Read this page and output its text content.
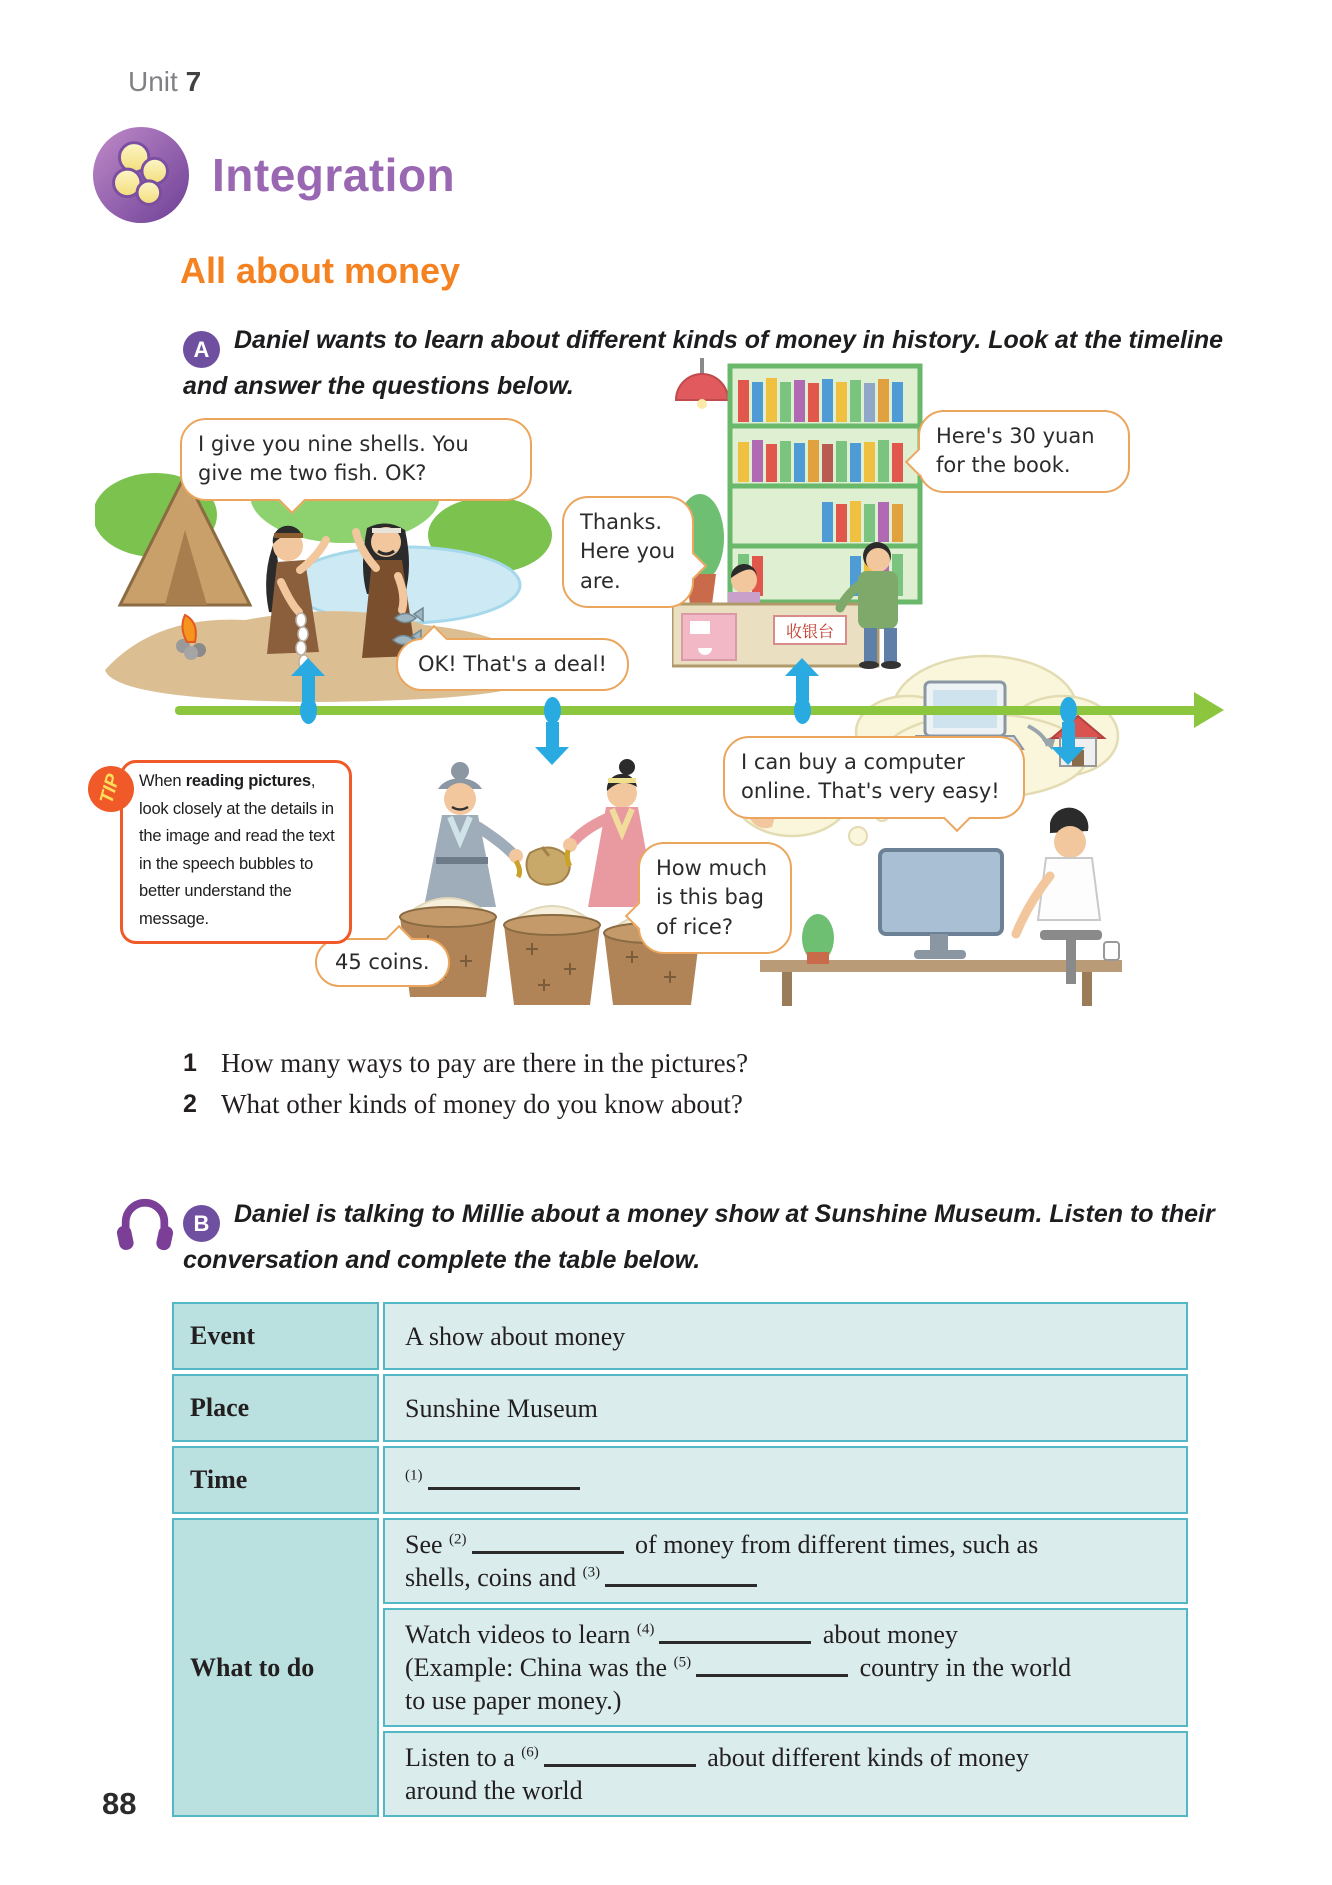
Unit 7
Integration
All about money
A Daniel wants to learn about different kinds of money in history. Look at the timeline and answer the questions below.
收银台
TIP When reading pictures, look closely at the details in the image and read the text in the speech bubbles to better understand the message.
I give you nine shells. You give me two fish. OK?
Thanks. Here you are.
Here's 30 yuan for the book.
OK! That's a deal!
45 coins.
How much is this bag of rice?
I can buy a computer online. That's very easy!
1 How many ways to pay are there in the pictures?
2 What other kinds of money do you know about?
B Daniel is talking to Millie about a money show at Sunshine Museum. Listen to their conversation and complete the table below.
Event	A show about money
Place	Sunshine Museum
Time	$^{(1)}$
What to do	See $^{(2)}$ of money from different times, such as
shells, coins and $^{(3)}$
	Watch videos to learn $^{(4)}$ about money
(Example: China was the $^{(5)}$ country in the world
to use paper money.)
	Listen to a $^{(6)}$ about different kinds of money
around the world
88
